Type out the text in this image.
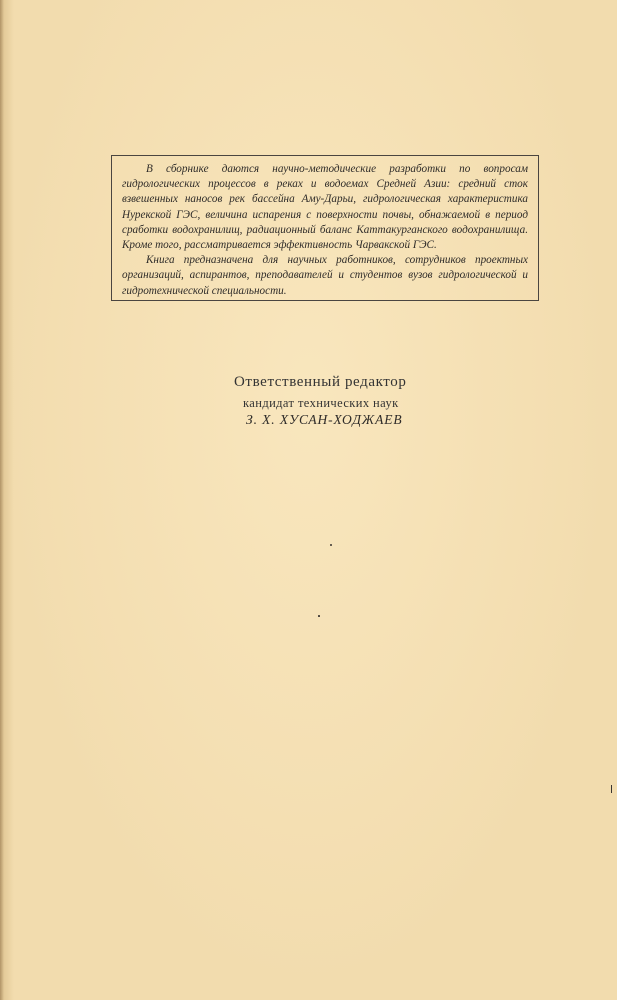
В сборнике даются научно-методические разработки по вопросам гидрологических процессов в реках и водоемах Средней Азии: средний сток взвешенных наносов рек бассейна Аму-Дарьи, гидрологическая характеристика Нурекской ГЭС, величина испарения с поверхности почвы, обнажаемой в период сработки водохранилищ, радиационный баланс Каттакурганского водохранилища. Кроме того, рассматривается эффективность Чарвакской ГЭС.

Книга предназначена для научных работников, сотрудников проектных организаций, аспирантов, преподавателей и студентов вузов гидрологической и гидротехнической специальности.

Ответственный редактор
кандидат технических наук
З. Х. ХУСАН-ХОДЖАЕВ
